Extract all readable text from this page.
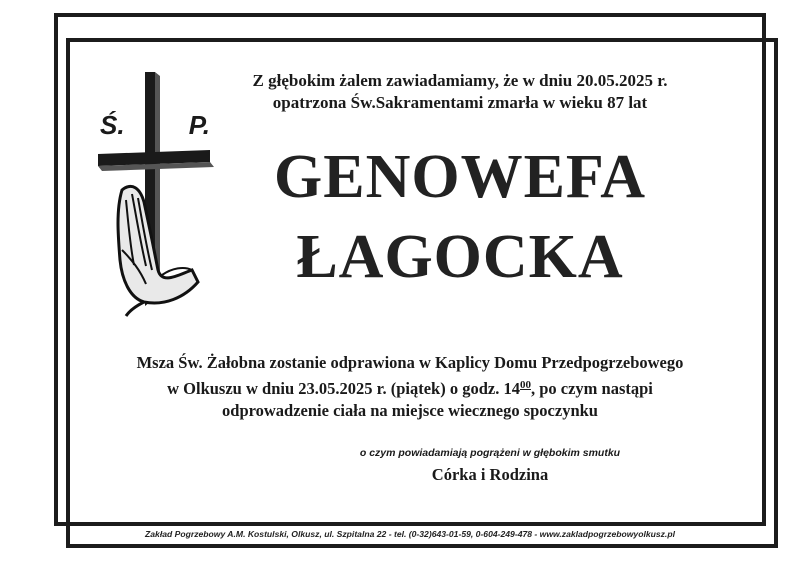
Z głębokim żalem zawiadamiamy, że w dniu 20.05.2025 r.
opatrzona Św.Sakramentami zmarła w wieku 87 lat
Ś. P.
GENOWEFA
ŁAGOCKA
Msza Św. Żałobna zostanie odprawiona w Kaplicy Domu Przedpogrzebowego
w Olkuszu w dniu 23.05.2025 r. (piątek) o godz. $14^{00}$, po czym nastąpi
odprowadzenie ciała na miejsce wiecznego spoczynku
o czym powiadamiają pogrążeni w głębokim smutku
Córka i Rodzina
Zakład Pogrzebowy A.M. Kostulski, Olkusz, ul. Szpitalna 22 - tel. (0-32)643-01-59, 0-604-249-478 - www.zakladpogrzebowyolkusz.pl
